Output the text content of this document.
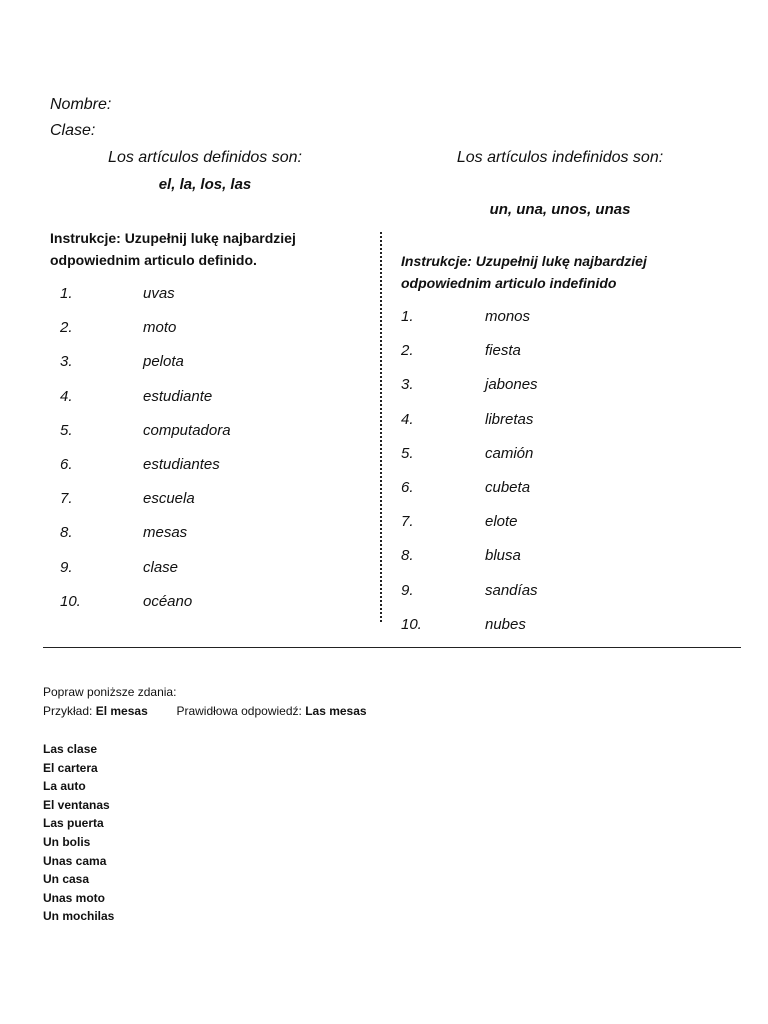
Nombre:
Clase:
Los artículos definidos son:
el, la, los, las
Instrukcje: Uzupełnij lukę najbardziej
odpowiednim articulo definido.
1.	uvas
2.	moto
3.	pelota
4.	estudiante
5.	computadora
6.	estudiantes
7.	escuela
8.	mesas
9.	clase
10.	océano
Los artículos indefinidos son:
un, una, unos, unas
Instrukcje: Uzupełnij lukę najbardziej
odpowiednim articulo indefinido
1.	monos
2.	fiesta
3.	jabones
4.	libretas
5.	camión
6.	cubeta
7.	elote
8.	blusa
9.	sandías
10.	nubes
Popraw poniższe zdania:
Przykład: El mesas Prawidłowa odpowiedź: Las mesas
Las clase
El cartera
La auto
El ventanas
Las puerta
Un bolis
Unas cama
Un casa
Unas moto
Un mochilas
